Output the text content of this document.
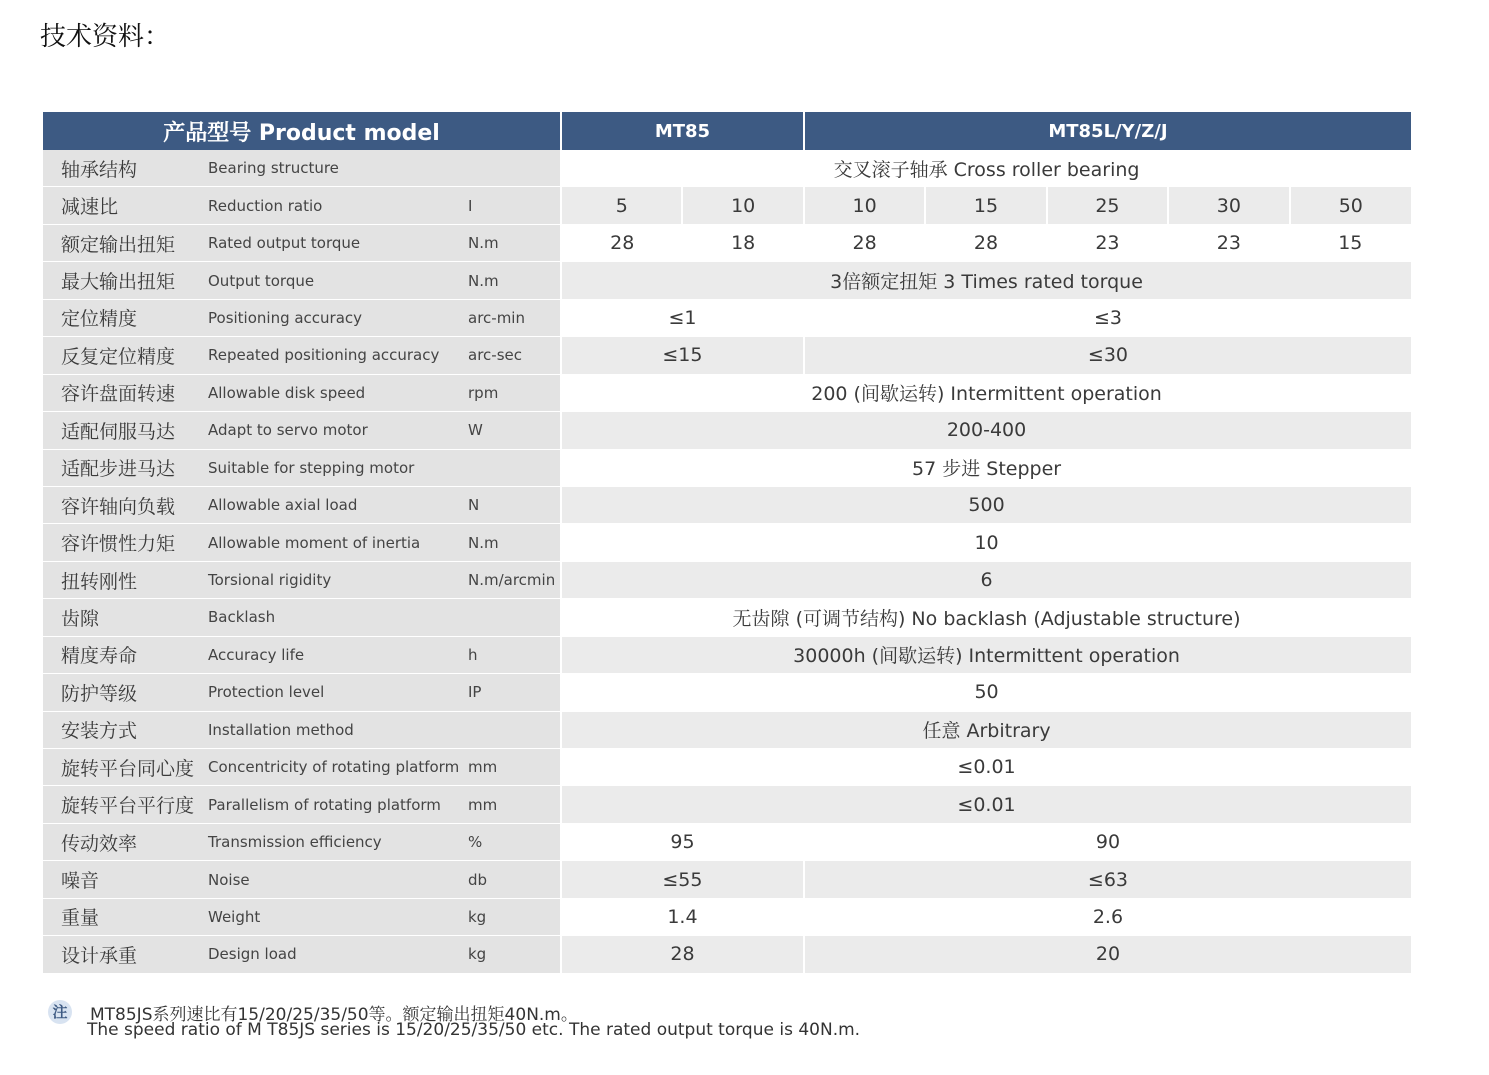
技术资料：
产品型号 Product model			MT85		MT85L/Y/Z/J				
轴承结构	Bearing structure		交叉滚子轴承 Cross roller bearing						
减速比	Reduction ratio	I	5	10	10	15	25	30	50
额定输出扭矩	Rated output torque	N.m	28	18	28	28	23	23	15
最大输出扭矩	Output torque	N.m	3倍额定扭矩 3 Times rated torque						
定位精度	Positioning accuracy	arc-min	≤1		≤3				
反复定位精度	Repeated positioning accuracy	arc-sec	≤15		≤30				
容许盘面转速	Allowable disk speed	rpm	200 (间歇运转) Intermittent operation						
适配伺服马达	Adapt to servo motor	W	200-400						
适配步进马达	Suitable for stepping motor		57 步进 Stepper						
容许轴向负载	Allowable axial load	N	500						
容许惯性力矩	Allowable moment of inertia	N.m	10						
扭转刚性	Torsional rigidity	N.m/arcmin	6						
齿隙	Backlash		无齿隙 (可调节结构) No backlash (Adjustable structure)						
精度寿命	Accuracy life	h	30000h (间歇运转) Intermittent operation						
防护等级	Protection level	IP	50						
安装方式	Installation method		任意 Arbitrary						
旋转平台同心度	Concentricity of rotating platform	mm	≤0.01						
旋转平台平行度	Parallelism of rotating platform	mm	≤0.01						
传动效率	Transmission efficiency	%	95		90				
噪音	Noise	db	≤55		≤63				
重量	Weight	kg	1.4		2.6				
设计承重	Design load	kg	28		20				
注 MT85JS系列速比有15/20/25/35/50等。额定输出扭矩40N.m。
The speed ratio of M T85JS series is 15/20/25/35/50 etc. The rated output torque is 40N.m.
